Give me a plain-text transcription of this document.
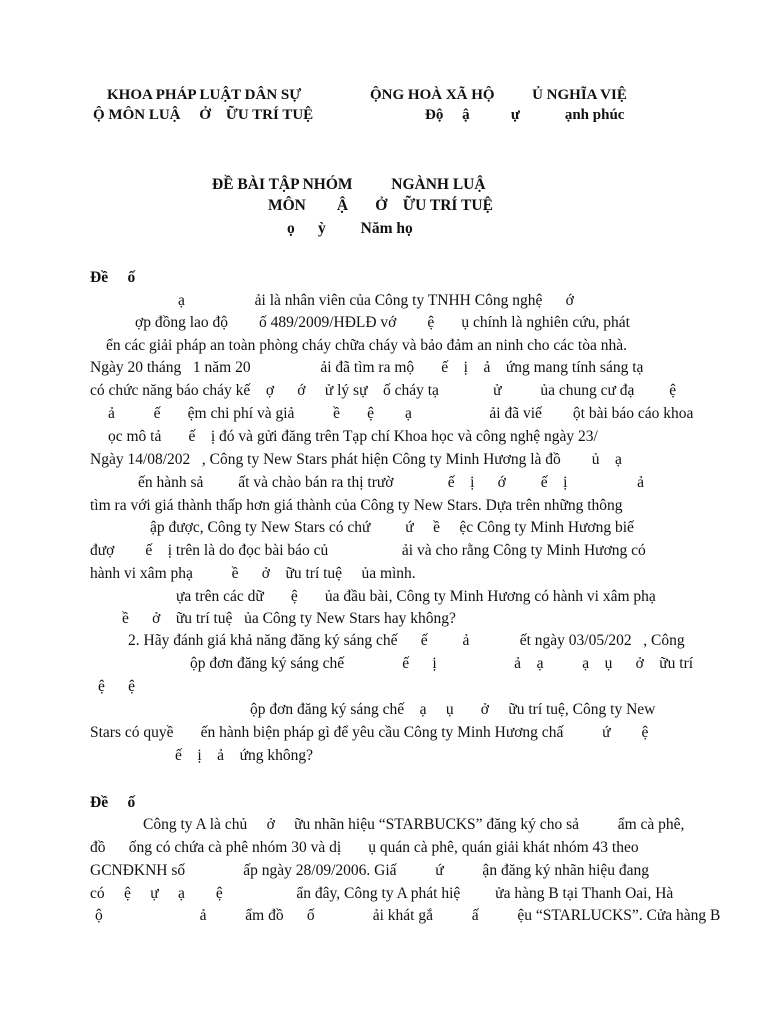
KHOA PHÁP LUẬT DÂN SỰ
Ộ MÔN LUẬ     Ở    ỮU TRÍ TUỆ
ỘNG HOÀ XÃ HỘ          Ủ NGHĨA VIỆ
Độ     ậ           ự            ạnh phúc
ĐỀ BÀI TẬP NHÓM          NGÀNH LUẬ
MÔN        Ậ       Ở    ỮU TRÍ TUỆ
ọ      ỳ         Năm họ
Đề     ố
ạ                  ải là nhân viên của Công ty TNHH Công nghệ      ớ
ợp đồng lao độ        ố 489/2009/HĐLĐ vớ        ệ       ụ chính là nghiên cứu, phát
ển các giải pháp an toàn phòng cháy chữa cháy và bảo đảm an ninh cho các tòa nhà.
Ngày 20 tháng   1 năm 20                  ải đã tìm ra mộ       ế    ị    ả    ứng mang tính sáng tạ
có chức năng báo cháy kế    ợ      ớ     ử lý sự    ố cháy tạ              ử          ủa chung cư đạ         ệ
ả          ế       ệm chi phí và giả          ề       ệ        ạ                    ải đã viế        ột bài báo cáo khoa
ọc mô tả       ế    ị đó và gửi đăng trên Tạp chí Khoa học và công nghệ ngày 23/
Ngày 14/08/202   , Công ty New Stars phát hiện Công ty Minh Hương là đồ        ủ    ạ
ến hành sả         ất và chào bán ra thị trườ              ế    ị      ớ         ế    ị                  ả
tìm ra với giá thành thấp hơn giá thành của Công ty New Stars. Dựa trên những thông
ập được, Công ty New Stars có chứ         ứ     ề     ệc Công ty Minh Hương biế
đượ        ế    ị trên là do đọc bài báo củ                   ải và cho rằng Công ty Minh Hương có
hành vi xâm phạ          ề      ở    ữu trí tuệ     ủa mình.
ựa trên các dữ       ệ       ủa đầu bài, Công ty Minh Hương có hành vi xâm phạ
ề      ở    ữu trí tuệ   ủa Công ty New Stars hay không?
2. Hãy đánh giá khả năng đăng ký sáng chế      ế         ả             ết ngày 03/05/202   , Công
ộp đơn đăng ký sáng chế               ế      ị                    ả    ạ          ạ    ụ      ở    ữu trí
ệ      ệ
ộp đơn đăng ký sáng chế    ạ     ụ       ở     ữu trí tuệ, Công ty New
Stars có quyề       ến hành biện pháp gì để yêu cầu Công ty Minh Hương chấ          ứ        ệ
ế    ị    ả    ứng không?
Đề     ố
Công ty A là chủ     ở     ữu nhãn hiệu “STARBUCKS” đăng ký cho sả          ẩm cà phê,
đồ      ống có chứa cà phê nhóm 30 và dị       ụ quán cà phê, quán giải khát nhóm 43 theo
GCNĐKNH số               ấp ngày 28/09/2006. Giấ          ứ          ận đăng ký nhãn hiệu đang
có     ệ     ự     ạ        ệ                   ẩn đây, Công ty A phát hiệ         ửa hàng B tại Thanh Oai, Hà
ộ                         ả          ẩm đồ      ố               ải khát gắ          ấ          ệu “STARLUCKS”. Cửa hàng B
